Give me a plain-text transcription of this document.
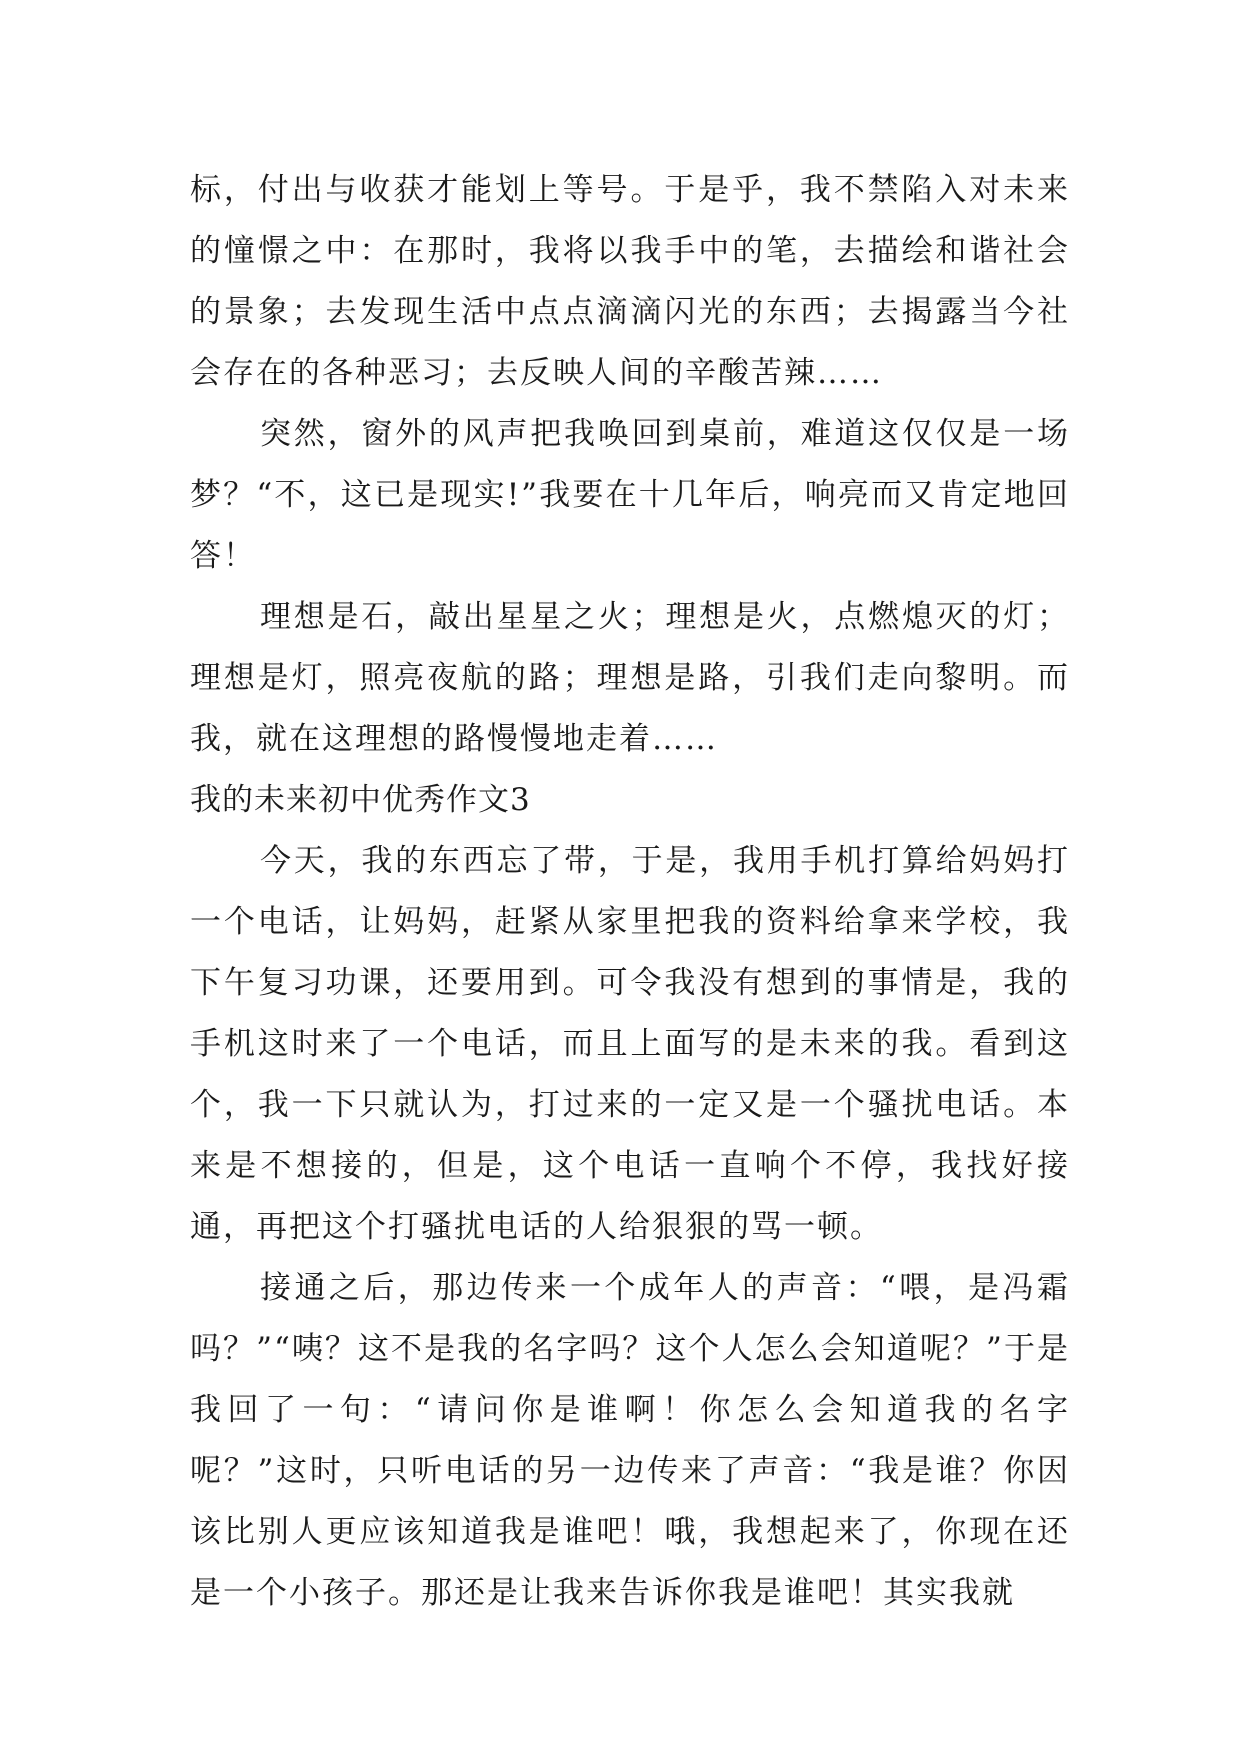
标，付出与收获才能划上等号。于是乎，我不禁陷入对未来的憧憬之中：在那时，我将以我手中的笔，去描绘和谐社会的景象；去发现生活中点点滴滴闪光的东西；去揭露当今社会存在的各种恶习；去反映人间的辛酸苦辣……

突然，窗外的风声把我唤回到桌前，难道这仅仅是一场梦？“不，这已是现实!”我要在十几年后，响亮而又肯定地回答！

理想是石，敲出星星之火；理想是火，点燃熄灭的灯；理想是灯，照亮夜航的路；理想是路，引我们走向黎明。而我，就在这理想的路慢慢地走着……

我的未来初中优秀作文3

今天，我的东西忘了带，于是，我用手机打算给妈妈打一个电话，让妈妈，赶紧从家里把我的资料给拿来学校，我下午复习功课，还要用到。可令我没有想到的事情是，我的手机这时来了一个电话，而且上面写的是未来的我。看到这个，我一下只就认为，打过来的一定又是一个骚扰电话。本来是不想接的，但是，这个电话一直响个不停，我找好接通，再把这个打骚扰电话的人给狠狠的骂一顿。

接通之后，那边传来一个成年人的声音：“喂，是冯霜吗？”“咦？这不是我的名字吗？这个人怎么会知道呢？”于是我回了一句：“请问你是谁啊！你怎么会知道我的名字呢？”这时，只听电话的另一边传来了声音：“我是谁？你因该比别人更应该知道我是谁吧！哦，我想起来了，你现在还是一个小孩子。那还是让我来告诉你我是谁吧！其实我就
